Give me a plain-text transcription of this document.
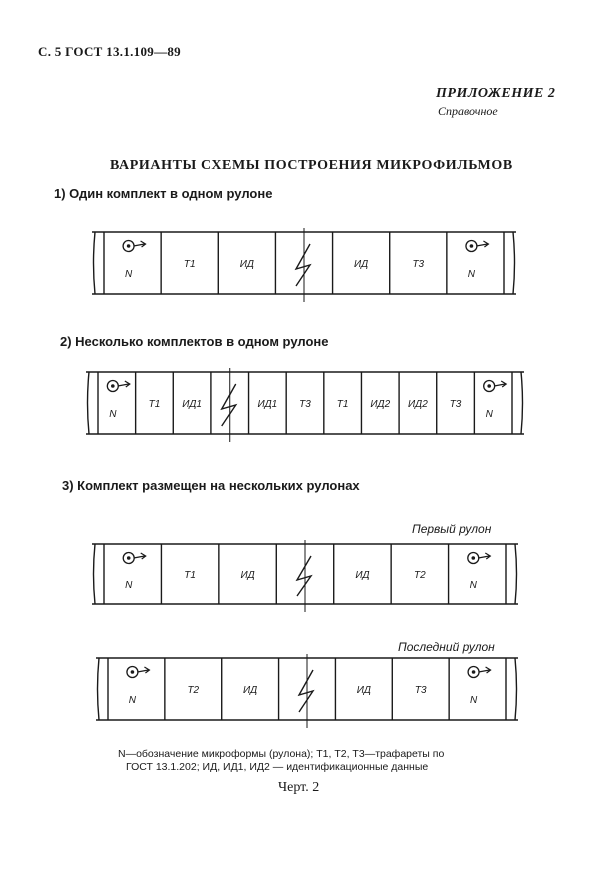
С. 5 ГОСТ 13.1.109—89
ПРИЛОЖЕНИЕ 2
Справочное
ВАРИАНТЫ СХЕМЫ ПОСТРОЕНИЯ МИКРОФИЛЬМОВ
1) Один комплект в одном рулоне
N
T1	ИД	ИД	T3
N
2) Несколько комплектов в одном рулоне
N
T1 ИД1	ИД1 T3	T1 ИД2 ИД2 T3
N
3) Комплект размещен на нескольких рулонах
Первый рулон
N
T1	ИД	ИД	T2
N
Последний рулон
N
T2	ИД	ИД	T3
N
N—обозначение микроформы (рулона); Т1, Т2, Т3—трафареты по
ГОСТ 13.1.202; ИД, ИД1, ИД2 — идентификационные данные
Черт. 2
